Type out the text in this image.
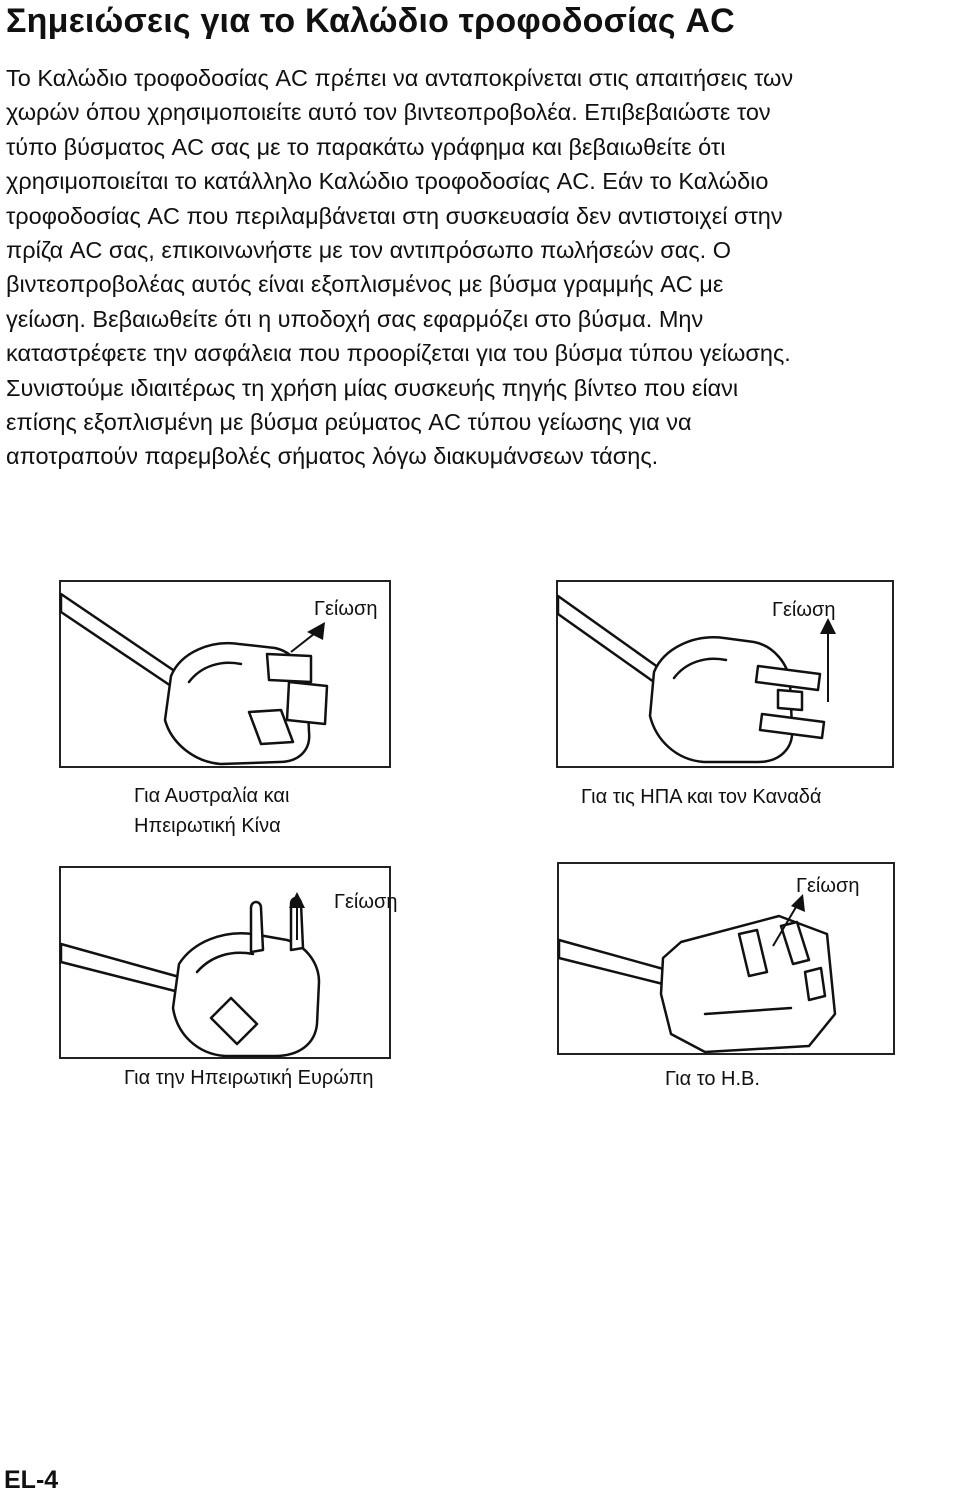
Σημειώσεις για το Καλώδιο τροφοδοσίας AC

Το Καλώδιο τροφοδοσίας AC πρέπει να ανταποκρίνεται στις απαιτήσεις των
χωρών όπου χρησιμοποιείτε αυτό τον βιντεοπροβολέα. Επιβεβαιώστε τον
τύπο βύσματος AC σας με το παρακάτω γράφημα και βεβαιωθείτε ότι
χρησιμοποιείται το κατάλληλο Καλώδιο τροφοδοσίας AC. Εάν το Καλώδιο
τροφοδοσίας AC που περιλαμβάνεται στη συσκευασία δεν αντιστοιχεί στην
πρίζα AC σας, επικοινωνήστε με τον αντιπρόσωπο πωλήσεών σας. Ο
βιντεοπροβολέας αυτός είναι εξοπλισμένος με βύσμα γραμμής AC με
γείωση. Βεβαιωθείτε ότι η υποδοχή σας εφαρμόζει στο βύσμα. Μην
καταστρέφετε την ασφάλεια που προορίζεται για του βύσμα τύπου γείωσης.
Συνιστούμε ιδιαιτέρως τη χρήση μίας συσκευής πηγής βίντεο που είανι
επίσης εξοπλισμένη με βύσμα ρεύματος AC τύπου γείωσης για να
αποτραπούν παρεμβολές σήματος λόγω διακυμάνσεων τάσης.

Γείωση
Για Αυστραλία και
Ηπειρωτική Κίνα
Γείωση
Για τις ΗΠΑ και τον Καναδά
Γείωση
Για την Ηπειρωτική Ευρώπη
Γείωση
Για το Η.Β.
EL-4
